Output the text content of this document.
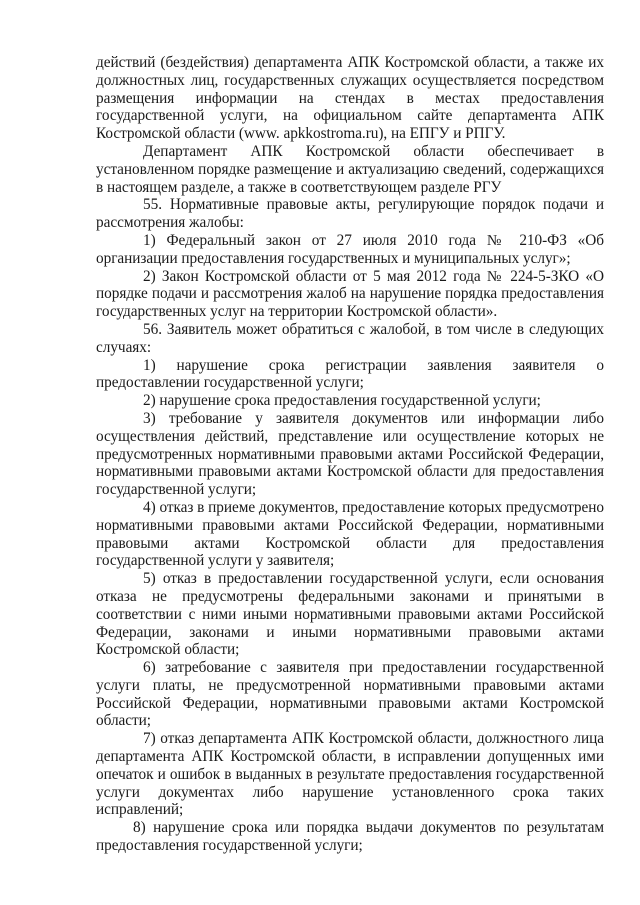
действий (бездействия) департамента АПК Костромской области, а также их должностных лиц, государственных служащих осуществляется посредством размещения информации на стендах в местах предоставления государственной услуги, на официальном сайте департамента АПК Костромской области (www. apkkostroma.ru), на ЕПГУ и РПГУ.

Департамент АПК Костромской области обеспечивает в установленном порядке размещение и актуализацию сведений, содержащихся в настоящем разделе, а также в соответствующем разделе РГУ

55. Нормативные правовые акты, регулирующие порядок подачи и рассмотрения жалобы:

1) Федеральный закон от 27 июля 2010 года № 210-ФЗ «Об организации предоставления государственных и муниципальных услуг»;

2) Закон Костромской области от 5 мая 2012 года № 224-5-ЗКО «О порядке подачи и рассмотрения жалоб на нарушение порядка предоставления государственных услуг на территории Костромской области».

56. Заявитель может обратиться с жалобой, в том числе в следующих случаях:

1) нарушение срока регистрации заявления заявителя о предоставлении государственной услуги;

2) нарушение срока предоставления государственной услуги;

3) требование у заявителя документов или информации либо осуществления действий, представление или осуществление которых не предусмотренных нормативными правовыми актами Российской Федерации, нормативными правовыми актами Костромской области для предоставления государственной услуги;

4) отказ в приеме документов, предоставление которых предусмотрено нормативными правовыми актами Российской Федерации, нормативными правовыми актами Костромской области для предоставления государственной услуги у заявителя;

5) отказ в предоставлении государственной услуги, если основания отказа не предусмотрены федеральными законами и принятыми в соответствии с ними иными нормативными правовыми актами Российской Федерации, законами и иными нормативными правовыми актами Костромской области;

6) затребование с заявителя при предоставлении государственной услуги платы, не предусмотренной нормативными правовыми актами Российской Федерации, нормативными правовыми актами Костромской области;

7) отказ департамента АПК Костромской области, должностного лица департамента АПК Костромской области, в исправлении допущенных ими опечаток и ошибок в выданных в результате предоставления государственной услуги документах либо нарушение установленного срока таких исправлений;

8) нарушение срока или порядка выдачи документов по результатам предоставления государственной услуги;
